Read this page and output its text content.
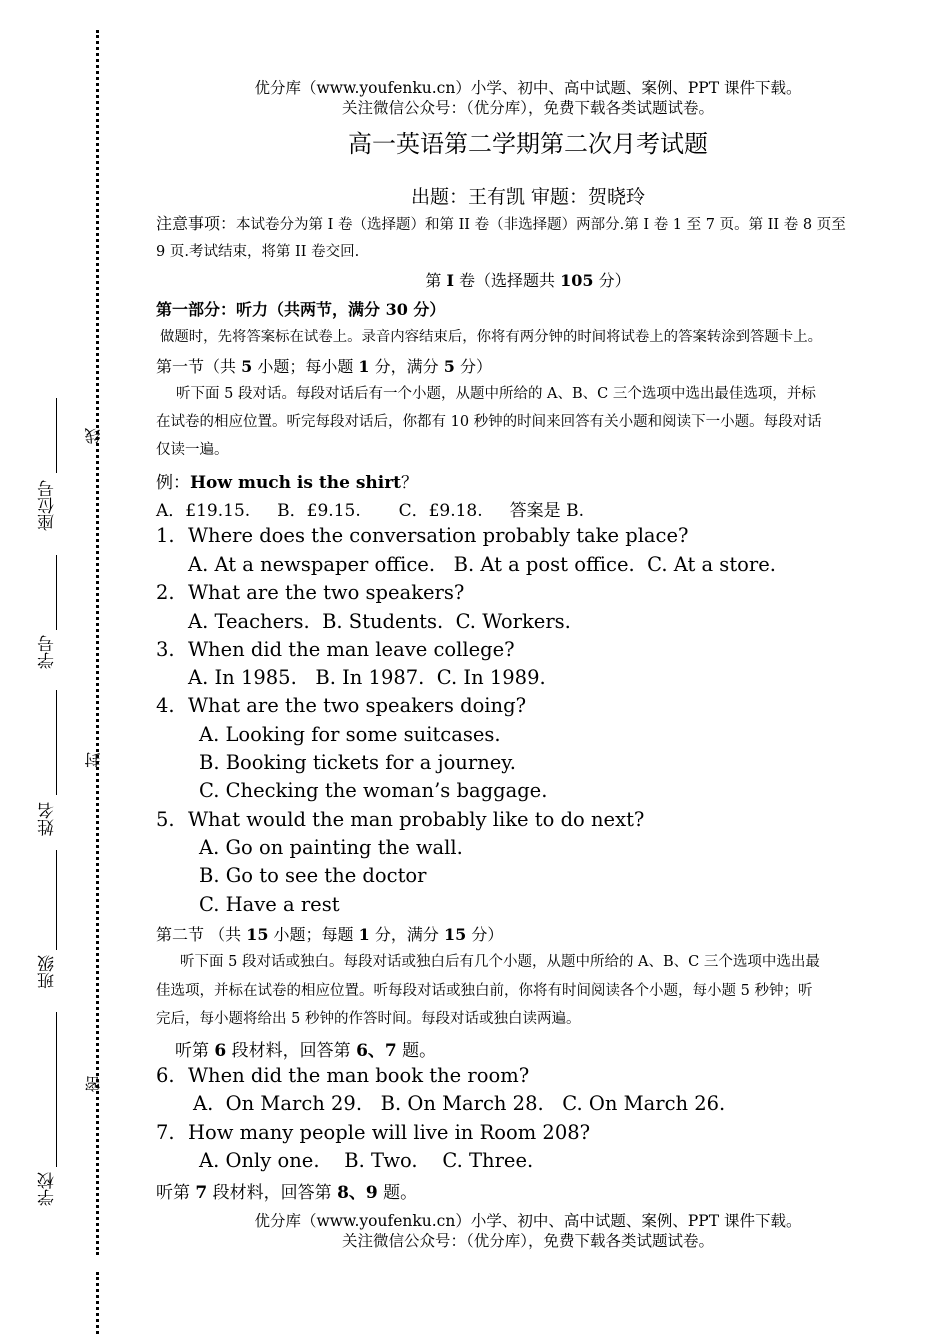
线
封
密
座位号
学号
姓名
班级
学校
优分库（www.youfenku.cn）小学、初中、高中试题、案例、PPT 课件下载。
关注微信公众号：（优分库），免费下载各类试题试卷。
高一英语第二学期第二次月考试题
出题：王有凯 审题：贺晓玲
注意事项：本试卷分为第 I 卷（选择题）和第 II 卷（非选择题）两部分.第 I 卷 1 至 7 页。第 II 卷 8 页至
9 页.考试结束，将第 II 卷交回.
第 I 卷（选择题共 105 分）
第一部分：听力（共两节，满分 30 分）
做题时，先将答案标在试卷上。录音内容结束后，你将有两分钟的时间将试卷上的答案转涂到答题卡上。
第一节（共 5 小题；每小题 1 分，满分 5 分）
听下面 5 段对话。每段对话后有一个小题，从题中所给的 A、B、C 三个选项中选出最佳选项，并标
在试卷的相应位置。听完每段对话后，你都有 10 秒钟的时间来回答有关小题和阅读下一小题。每段对话
仅读一遍。
例：How much is the shirt？
A．£19.15.     B．£9.15.       C．£9.18.     答案是 B.
1. Where does the conversation probably take place?
A. At a newspaper office.   B. At a post office.  C. At a store.
2. What are the two speakers?
A. Teachers.  B. Students.  C. Workers.
3. When did the man leave college?
A. In 1985.   B. In 1987.  C. In 1989.
4. What are the two speakers doing?
A. Looking for some suitcases.
B. Booking tickets for a journey.
C. Checking the woman’s baggage.
5. What would the man probably like to do next?
A. Go on painting the wall.
B. Go to see the doctor
C. Have a rest
第二节 （共 15 小题；每题 1 分，满分 15 分）
听下面 5 段对话或独白。每段对话或独白后有几个小题，从题中所给的 A、B、C 三个选项中选出最
佳选项，并标在试卷的相应位置。听每段对话或独白前，你将有时间阅读各个小题，每小题 5 秒钟；听
完后，每小题将给出 5 秒钟的作答时间。每段对话或独白读两遍。
听第 6 段材料，回答第 6、7 题。
6. When did the man book the room?
A.  On March 29.   B. On March 28.   C. On March 26.
7. How many people will live in Room 208?
A. Only one.    B. Two.    C. Three.
听第 7 段材料，回答第 8、9 题。
优分库（www.youfenku.cn）小学、初中、高中试题、案例、PPT 课件下载。
关注微信公众号：（优分库），免费下载各类试题试卷。
